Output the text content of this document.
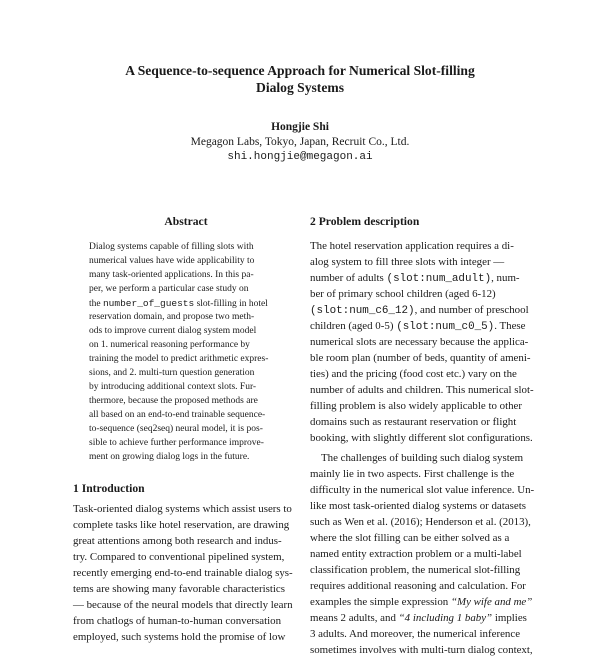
A Sequence-to-sequence Approach for Numerical Slot-filling
Dialog Systems
Hongjie Shi
Megagon Labs, Tokyo, Japan, Recruit Co., Ltd.
shi.hongjie@megagon.ai
Abstract
Dialog systems capable of filling slots with
numerical values have wide applicability to
many task-oriented applications. In this pa-
per, we perform a particular case study on
the number_of_guests slot-filling in hotel
reservation domain, and propose two meth-
ods to improve current dialog system model
on 1. numerical reasoning performance by
training the model to predict arithmetic expres-
sions, and 2. multi-turn question generation
by introducing additional context slots. Fur-
thermore, because the proposed methods are
all based on an end-to-end trainable sequence-
to-sequence (seq2seq) neural model, it is pos-
sible to achieve further performance improve-
ment on growing dialog logs in the future.
1 Introduction
Task-oriented dialog systems which assist users to
complete tasks like hotel reservation, are drawing
great attentions among both research and indus-
try. Compared to conventional pipelined system,
recently emerging end-to-end trainable dialog sys-
tems are showing many favorable characteristics
— because of the neural models that directly learn
from chatlogs of human-to-human conversation
employed, such systems hold the promise of low
2 Problem description
The hotel reservation application requires a di-
alog system to fill three slots with integer —
number of adults (slot:num_adult), num-
ber of primary school children (aged 6-12)
(slot:num_c6_12), and number of preschool
children (aged 0-5) (slot:num_c0_5). These
numerical slots are necessary because the applica-
ble room plan (number of beds, quantity of ameni-
ties) and the pricing (food cost etc.) vary on the
number of adults and children. This numerical slot-
filling problem is also widely applicable to other
domains such as restaurant reservation or flight
booking, with slightly different slot configurations.
The challenges of building such dialog system
mainly lie in two aspects. First challenge is the
difficulty in the numerical slot value inference. Un-
like most task-oriented dialog systems or datasets
such as Wen et al. (2016); Henderson et al. (2013),
where the slot filling can be either solved as a
named entity extraction problem or a multi-label
classification problem, the numerical slot-filling
requires additional reasoning and calculation. For
examples the simple expression “My wife and me”
means 2 adults, and “4 including 1 baby” implies
3 adults. And moreover, the numerical inference
sometimes involves with multi-turn dialog context,
